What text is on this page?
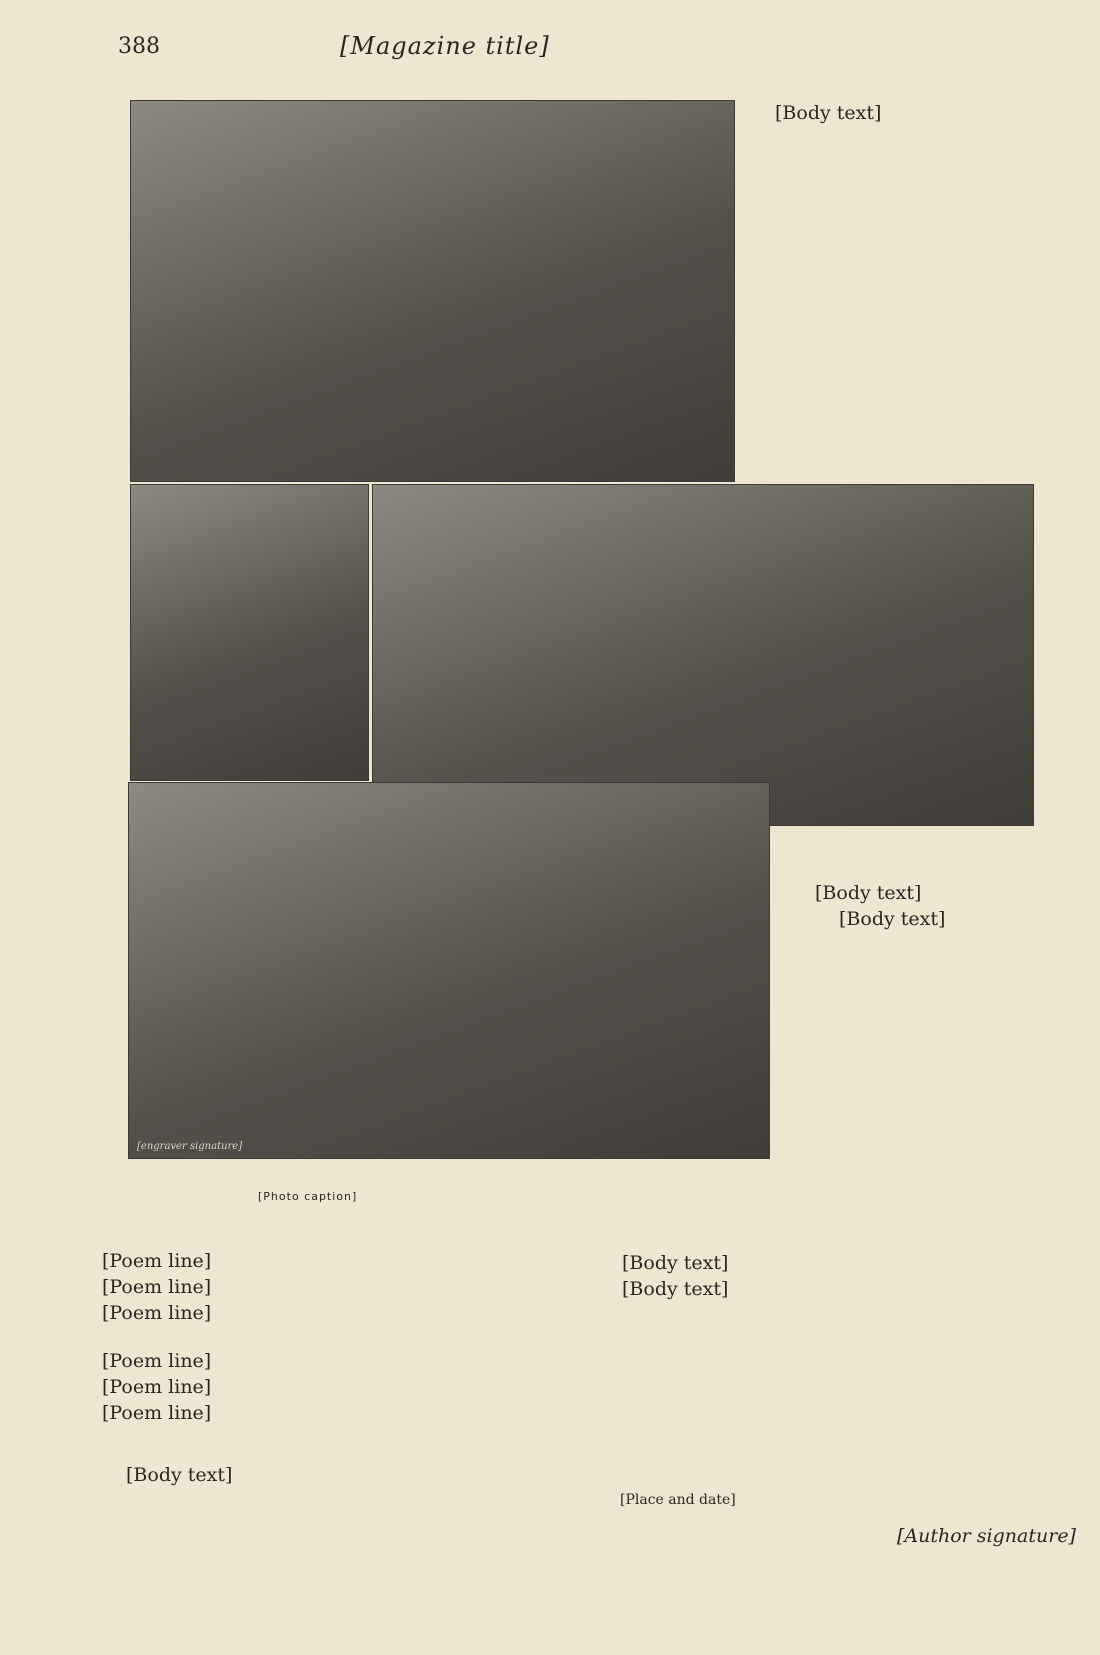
388	[Magazine title]
[engraver signature]

[Body text]

[Body text]

[Body text]

[Photo caption]
[Poem line]
[Poem line]
[Poem line]
[Poem line]
[Poem line]
[Poem line]

[Body text]

[Body text]

[Body text]

[Place and date]
[Author signature]
